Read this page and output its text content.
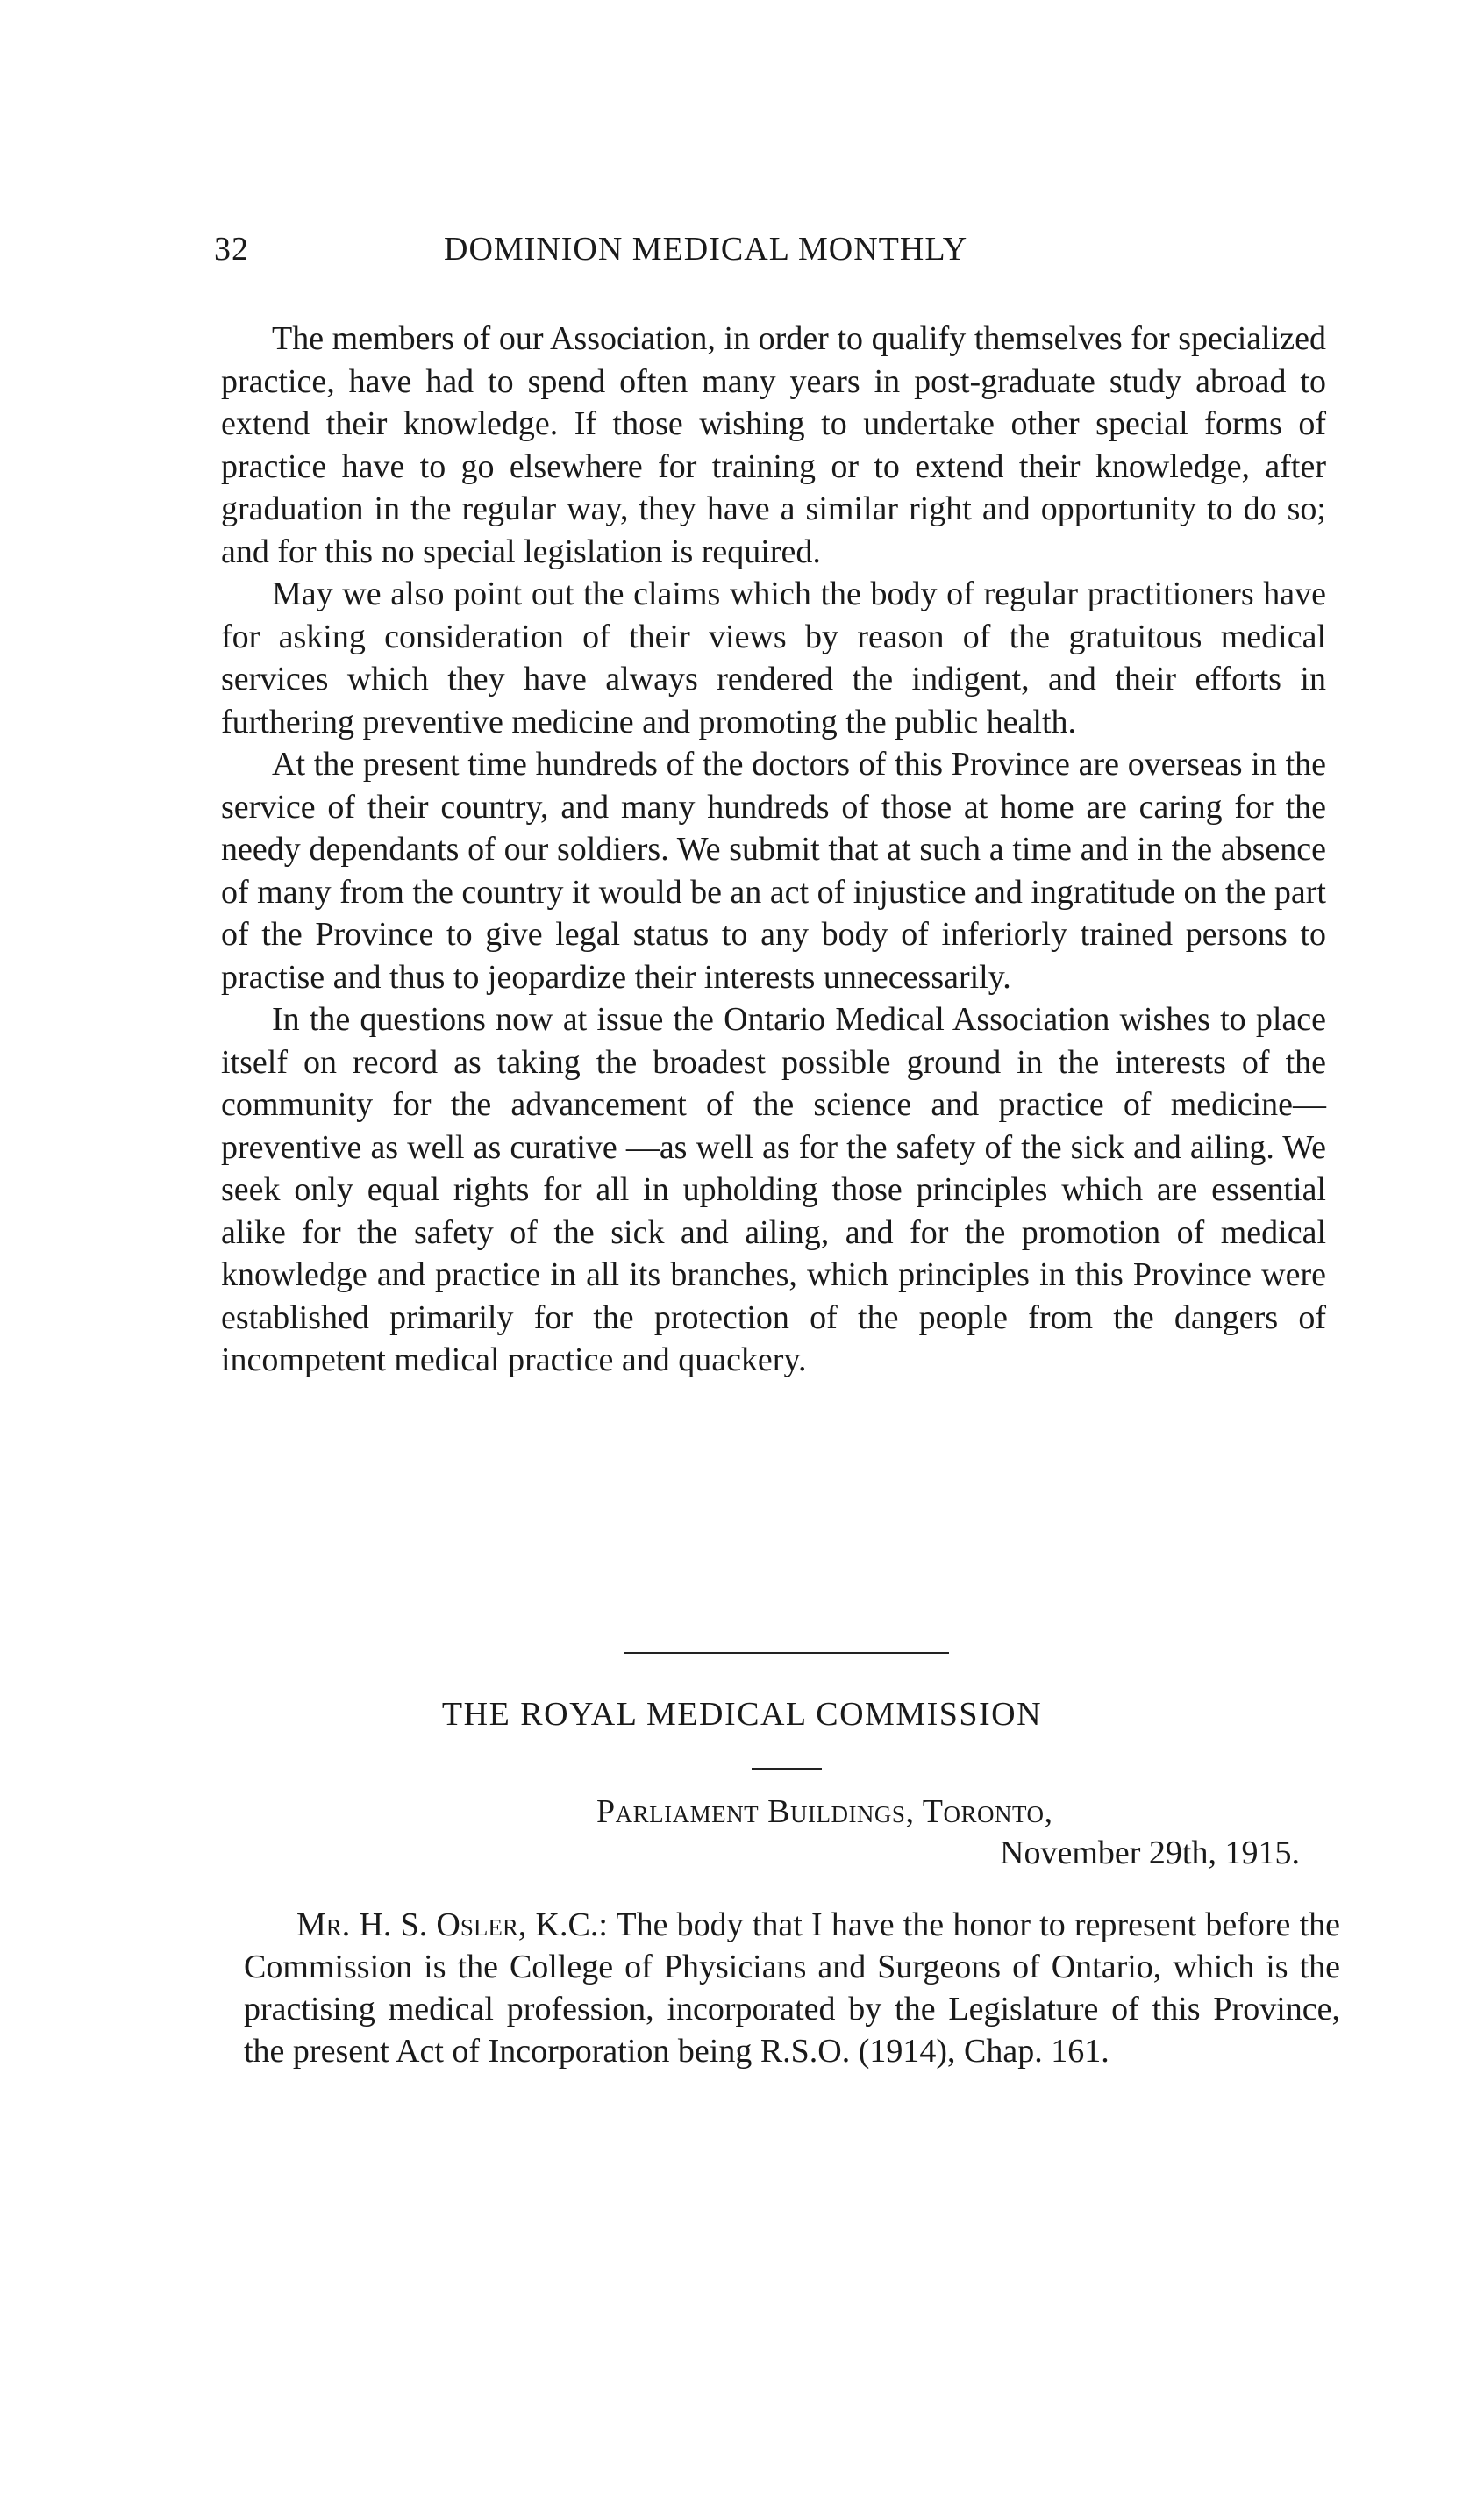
32	DOMINION MEDICAL MONTHLY

The members of our Association, in order to qualify themselves for specialized practice, have had to spend often many years in post-graduate study abroad to extend their knowledge. If those wishing to undertake other special forms of practice have to go elsewhere for training or to extend their knowledge, after graduation in the regular way, they have a similar right and opportunity to do so; and for this no special legislation is required.

May we also point out the claims which the body of regular practitioners have for asking consideration of their views by reason of the gratuitous medical services which they have always rendered the indigent, and their efforts in furthering preventive medicine and promoting the public health.

At the present time hundreds of the doctors of this Province are overseas in the service of their country, and many hundreds of those at home are caring for the needy dependants of our soldiers. We submit that at such a time and in the absence of many from the country it would be an act of injustice and ingratitude on the part of the Province to give legal status to any body of inferiorly trained persons to practise and thus to jeopardize their interests unnecessarily.

In the questions now at issue the Ontario Medical Association wishes to place itself on record as taking the broadest possible ground in the interests of the community for the advancement of the science and practice of medicine—preventive as well as curative —as well as for the safety of the sick and ailing. We seek only equal rights for all in upholding those principles which are essential alike for the safety of the sick and ailing, and for the promotion of medical knowledge and practice in all its branches, which principles in this Province were established primarily for the protection of the people from the dangers of incompetent medical practice and quackery.

THE ROYAL MEDICAL COMMISSION
Parliament Buildings, Toronto,
November 29th, 1915.

Mr. H. S. Osler, K.C.: The body that I have the honor to represent before the Commission is the College of Physicians and Surgeons of Ontario, which is the practising medical profession, incorporated by the Legislature of this Province, the present Act of Incorporation being R.S.O. (1914), Chap. 161.
